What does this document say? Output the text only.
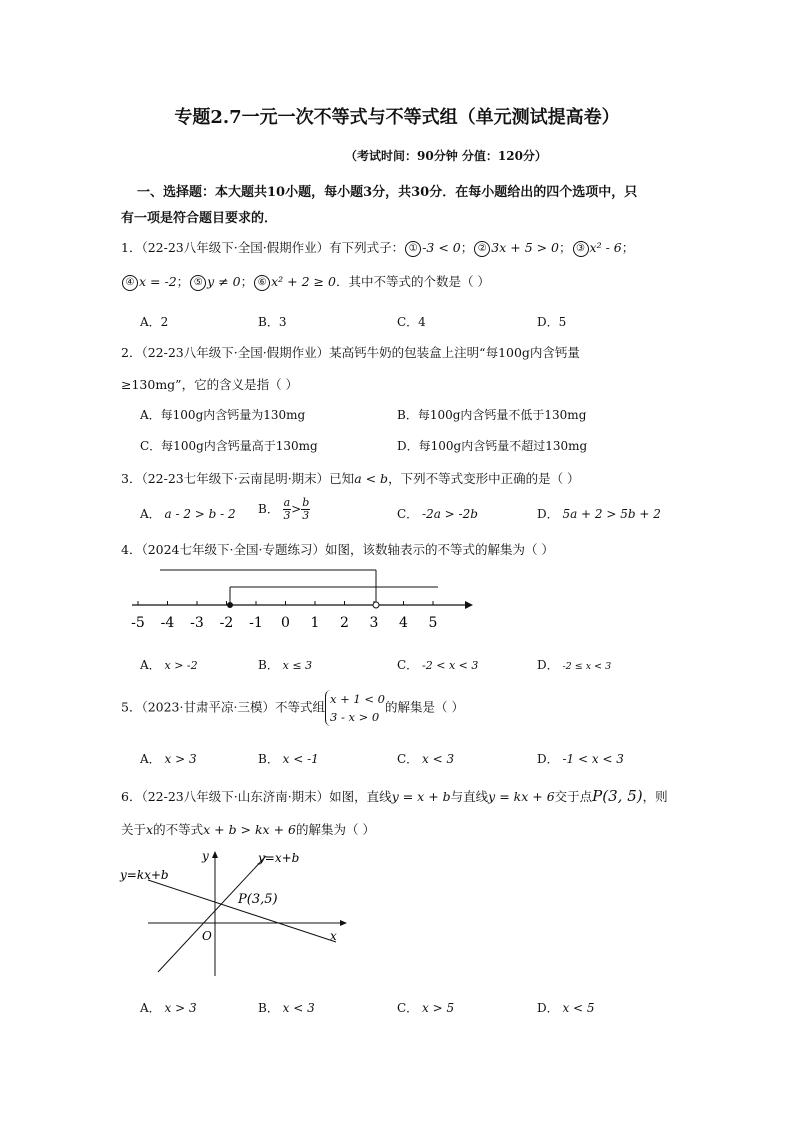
专题2.7一元一次不等式与不等式组（单元测试提高卷）
（考试时间：90分钟 分值：120分）
一、选择题：本大题共10小题，每小题3分，共30分．在每小题给出的四个选项中，只
有一项是符合题目要求的．
1．（22-23八年级下·全国·假期作业）有下列式子： ① -3 < 0； ② 3x + 5 > 0； ③ x² - 6；
④ x = -2； ⑤ y ≠ 0； ⑥ x² + 2 ≥ 0．其中不等式的个数是（ ）
A．2	B．3	C．4	D．5
2．（22-23八年级下·全国·假期作业）某高钙牛奶的包装盒上注明“每100g内含钙量
≥130mg”，它的含义是指（ ）
A．每100g内含钙量为130mg	B．每100g内含钙量不低于130mg
C．每100g内含钙量高于130mg	D．每100g内含钙量不超过130mg
3．（22-23七年级下·云南昆明·期末）已知a < b，下列不等式变形中正确的是（ ）
A． a - 2 > b - 2 B． $\frac{a}{3} > \frac{b}{3}$	C． -2a > -2b	D． 5a + 2 > 5b + 2
4．（2024七年级下·全国·专题练习）如图，该数轴表示的不等式的解集为（ ）
-5 -4 -3 -2 -1 0 1 2 3 4 5
A． x > -2	B． x ≤ 3	C． -2 < x < 3	D． -2 ≤ x < 3
5．（2023·甘肃平凉·三模）不等式组
x + 1 < 0
3 - x > 0
的解集是（ ）
A． x > 3	B． x < -1	C． x < 3	D． -1 < x < 3
6．（22-23八年级下·山东济南·期末）如图，直线y = x + b与直线y = kx + 6交于点P(3, 5)，则
关于x的不等式x + b > kx + 6的解集为（ ）
y
x
O
y=x+b
y=kx+b
P(3,5)
A． x > 3	B． x < 3	C． x > 5	D． x < 5
